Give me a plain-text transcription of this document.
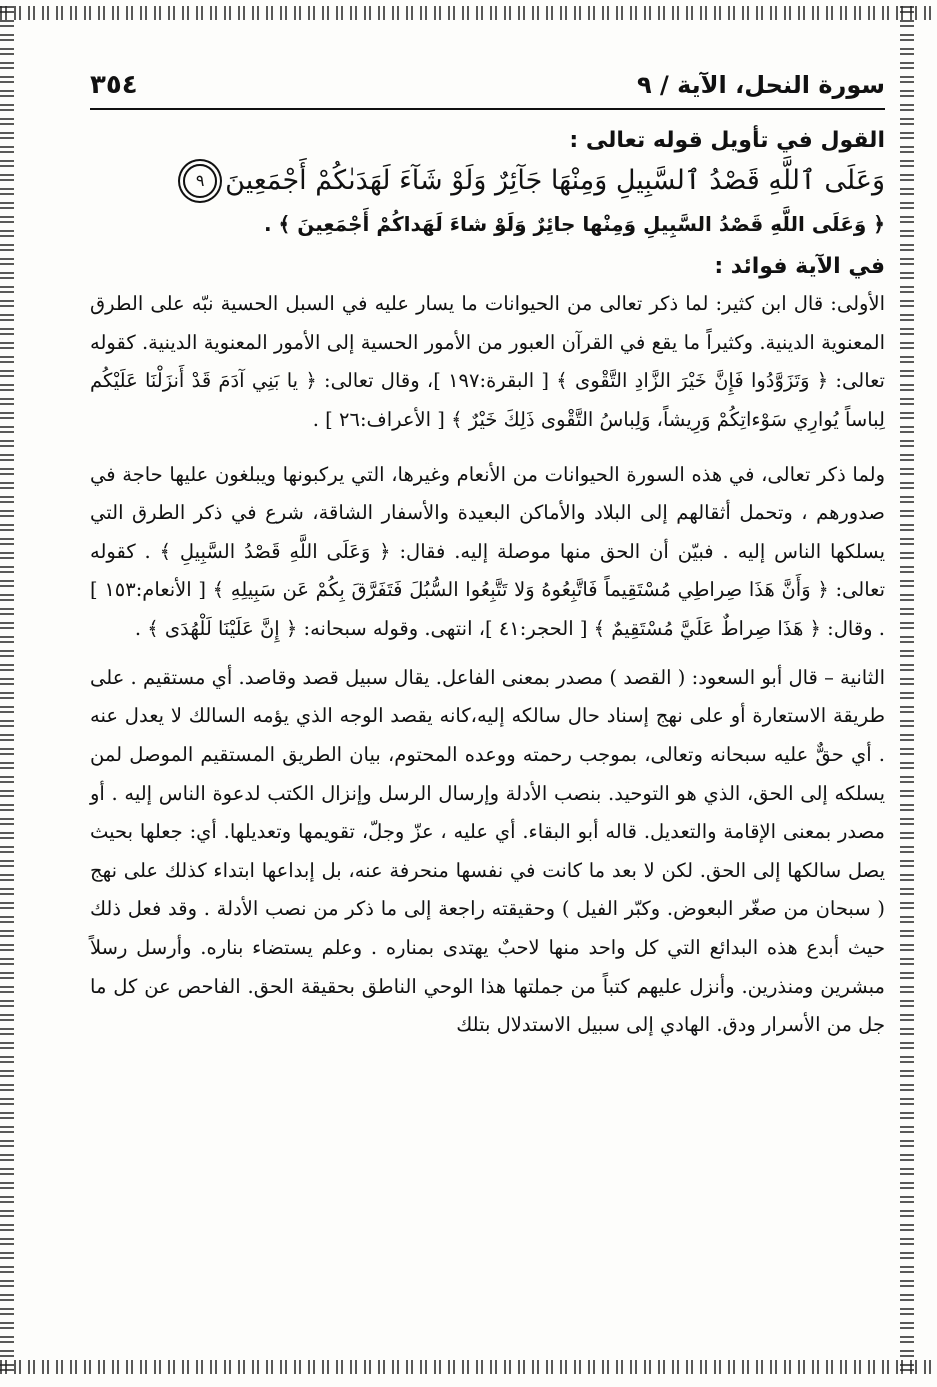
سورة النحل، الآية / ٩
٣٥٤
القول في تأويل قوله تعالى :
وَعَلَى ٱللَّهِ قَصْدُ ٱلسَّبِيلِ وَمِنْهَا جَآئِرٌ وَلَوْ شَآءَ لَهَدَىٰكُمْ أَجْمَعِينَ
٩
﴿ وَعَلَى اللَّهِ قَصْدُ السَّبِيلِ وَمِنْها جائِرٌ وَلَوْ شاءَ لَهَداكُمْ أَجْمَعِينَ ﴾ .
في الآية فوائد :

الأولى: قال ابن كثير: لما ذكر تعالى من الحيوانات ما يسار عليه في السبل الحسية نبّه على الطرق المعنوية الدينية. وكثيراً ما يقع في القرآن العبور من الأمور الحسية إلى الأمور المعنوية الدينية. كقوله تعالى: ﴿ وَتَزَوَّدُوا فَإِنَّ خَيْرَ الزَّادِ التَّقْوى ﴾ [ البقرة:١٩٧ ]، وقال تعالى: ﴿ يا بَنِي آدَمَ قَدْ أَنزَلْنَا عَلَيْكُم لِباساً يُوارِي سَوْءاتِكُمْ وَرِيشاً، وَلِباسُ التَّقْوى ذَلِكَ خَيْرٌ ﴾ [ الأعراف:٢٦ ] .

ولما ذكر تعالى، في هذه السورة الحيوانات من الأنعام وغيرها، التي يركبونها ويبلغون عليها حاجة في صدورهم ، وتحمل أثقالهم إلى البلاد والأماكن البعيدة والأسفار الشاقة، شرع في ذكر الطرق التي يسلكها الناس إليه . فبيّن أن الحق منها موصلة إليه. فقال: ﴿ وَعَلَى اللَّهِ قَصْدُ السَّبِيلِ ﴾ . كقوله تعالى: ﴿ وَأَنَّ هَذَا صِراطِي مُسْتَقِيماً فَاتَّبِعُوهُ وَلا تَتَّبِعُوا السُّبُلَ فَتَفَرَّقَ بِكُمْ عَن سَبِيلِهِ ﴾ [ الأنعام:١٥٣ ] . وقال: ﴿ هَذَا صِراطٌ عَلَيَّ مُسْتَقِيمٌ ﴾ [ الحجر:٤١ ]، انتهى. وقوله سبحانه: ﴿ إِنَّ عَلَيْنَا لَلْهُدَى ﴾ .

الثانية – قال أبو السعود: ( القصد ) مصدر بمعنى الفاعل. يقال سبيل قصد وقاصد. أي مستقيم . على طريقة الاستعارة أو على نهج إسناد حال سالكه إليه،كانه يقصد الوجه الذي يؤمه السالك لا يعدل عنه . أي حقٌّ عليه سبحانه وتعالى، بموجب رحمته ووعده المحتوم، بيان الطريق المستقيم الموصل لمن يسلكه إلى الحق، الذي هو التوحيد. بنصب الأدلة وإرسال الرسل وإنزال الكتب لدعوة الناس إليه . أو مصدر بمعنى الإقامة والتعديل. قاله أبو البقاء. أي عليه ، عزّ وجلّ، تقويمها وتعديلها. أي: جعلها بحيث يصل سالكها إلى الحق. لكن لا بعد ما كانت في نفسها منحرفة عنه، بل إبداعها ابتداء كذلك على نهج ( سبحان من صغّر البعوض. وكبّر الفيل ) وحقيقته راجعة إلى ما ذكر من نصب الأدلة . وقد فعل ذلك حيث أبدع هذه البدائع التي كل واحد منها لاحبٌ يهتدى بمناره . وعلم يستضاء بناره. وأرسل رسلاً مبشرين ومنذرين. وأنزل عليهم كتباً من جملتها هذا الوحي الناطق بحقيقة الحق. الفاحص عن كل ما جل من الأسرار ودق. الهادي إلى سبيل الاستدلال بتلك
